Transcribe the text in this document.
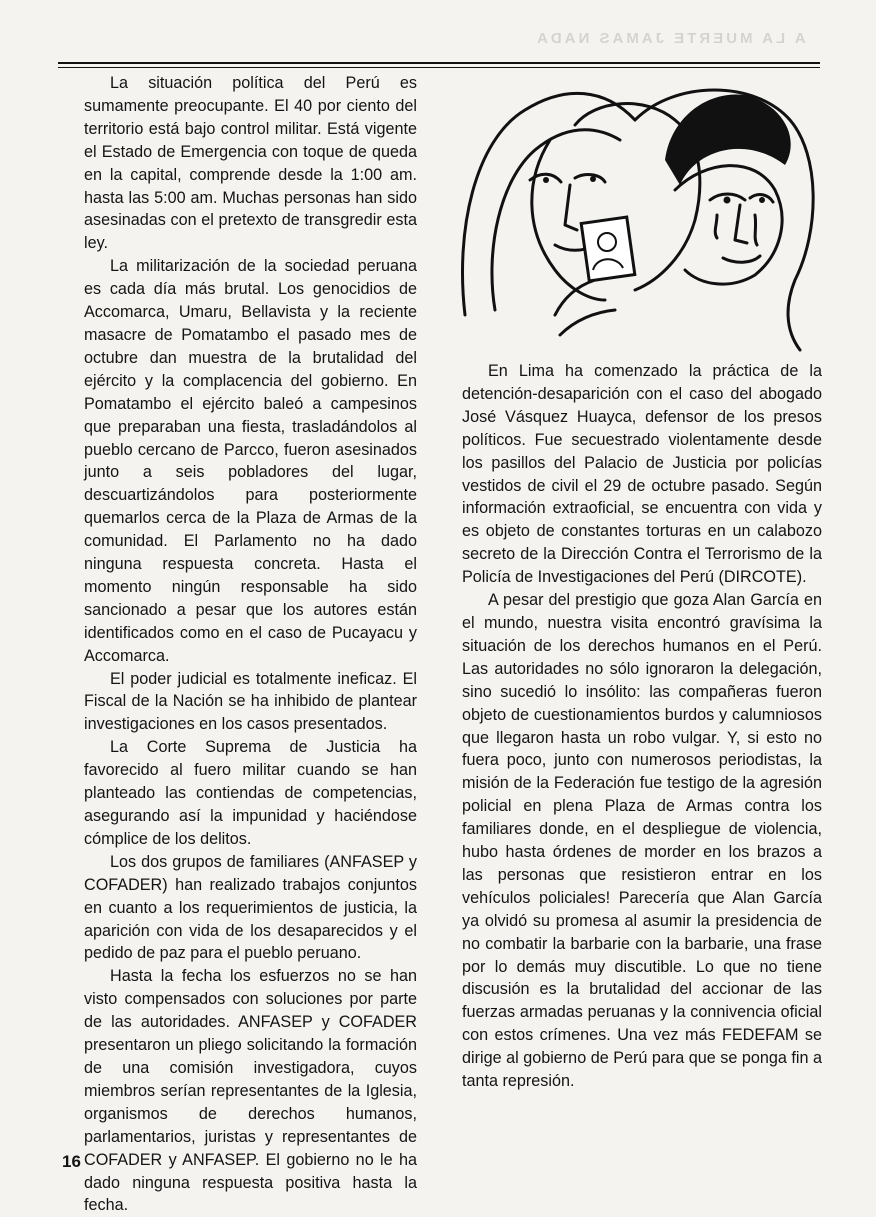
A LA MUERTE JAMAS NADA

La situación política del Perú es sumamente preocupante. El 40 por ciento del territorio está bajo control militar. Está vigente el Estado de Emergencia con toque de queda en la capital, comprende desde la 1:00 am. hasta las 5:00 am. Muchas personas han sido asesinadas con el pretexto de transgredir esta ley.

La militarización de la sociedad peruana es cada día más brutal. Los genocidios de Accomarca, Umaru, Bellavista y la reciente masacre de Pomatambo el pasado mes de octubre dan muestra de la brutalidad del ejército y la complacencia del gobierno. En Pomatambo el ejército baleó a campesinos que preparaban una fiesta, trasladándolos al pueblo cercano de Parcco, fueron asesinados junto a seis pobladores del lugar, descuartizándolos para posteriormente quemarlos cerca de la Plaza de Armas de la comunidad. El Parlamento no ha dado ninguna respuesta concreta. Hasta el momento ningún responsable ha sido sancionado a pesar que los autores están identificados como en el caso de Pucayacu y Accomarca.

El poder judicial es totalmente ineficaz. El Fiscal de la Nación se ha inhibido de plantear investigaciones en los casos presentados.

La Corte Suprema de Justicia ha favorecido al fuero militar cuando se han planteado las contiendas de competencias, asegurando así la impunidad y haciéndose cómplice de los delitos.

Los dos grupos de familiares (ANFASEP y COFADER) han realizado trabajos conjuntos en cuanto a los requerimientos de justicia, la aparición con vida de los desaparecidos y el pedido de paz para el pueblo peruano.

Hasta la fecha los esfuerzos no se han visto compensados con soluciones por parte de las autoridades. ANFASEP y COFADER presentaron un pliego solicitando la formación de una comisión investigadora, cuyos miembros serían representantes de la Iglesia, organismos de derechos humanos, parlamentarios, juristas y representantes de COFADER y ANFASEP. El gobierno no le ha dado ninguna respuesta positiva hasta la fecha.

En Lima ha comenzado la práctica de la detención-desaparición con el caso del abogado José Vásquez Huayca, defensor de los presos políticos. Fue secuestrado violentamente desde los pasillos del Palacio de Justicia por policías vestidos de civil el 29 de octubre pasado. Según información extraoficial, se encuentra con vida y es objeto de constantes torturas en un calabozo secreto de la Dirección Contra el Terrorismo de la Policía de Investigaciones del Perú (DIRCOTE).

A pesar del prestigio que goza Alan García en el mundo, nuestra visita encontró gravísima la situación de los derechos humanos en el Perú. Las autoridades no sólo ignoraron la delegación, sino sucedió lo insólito: las compañeras fueron objeto de cuestionamientos burdos y calumniosos que llegaron hasta un robo vulgar. Y, si esto no fuera poco, junto con numerosos periodistas, la misión de la Federación fue testigo de la agresión policial en plena Plaza de Armas contra los familiares donde, en el despliegue de violencia, hubo hasta órdenes de morder en los brazos a las personas que resistieron entrar en los vehículos policiales! Parecería que Alan García ya olvidó su promesa al asumir la presidencia de no combatir la barbarie con la barbarie, una frase por lo demás muy discutible. Lo que no tiene discusión es la brutalidad del accionar de las fuerzas armadas peruanas y la connivencia oficial con estos crímenes. Una vez más FEDEFAM se dirige al gobierno de Perú para que se ponga fin a tanta represión.

16
